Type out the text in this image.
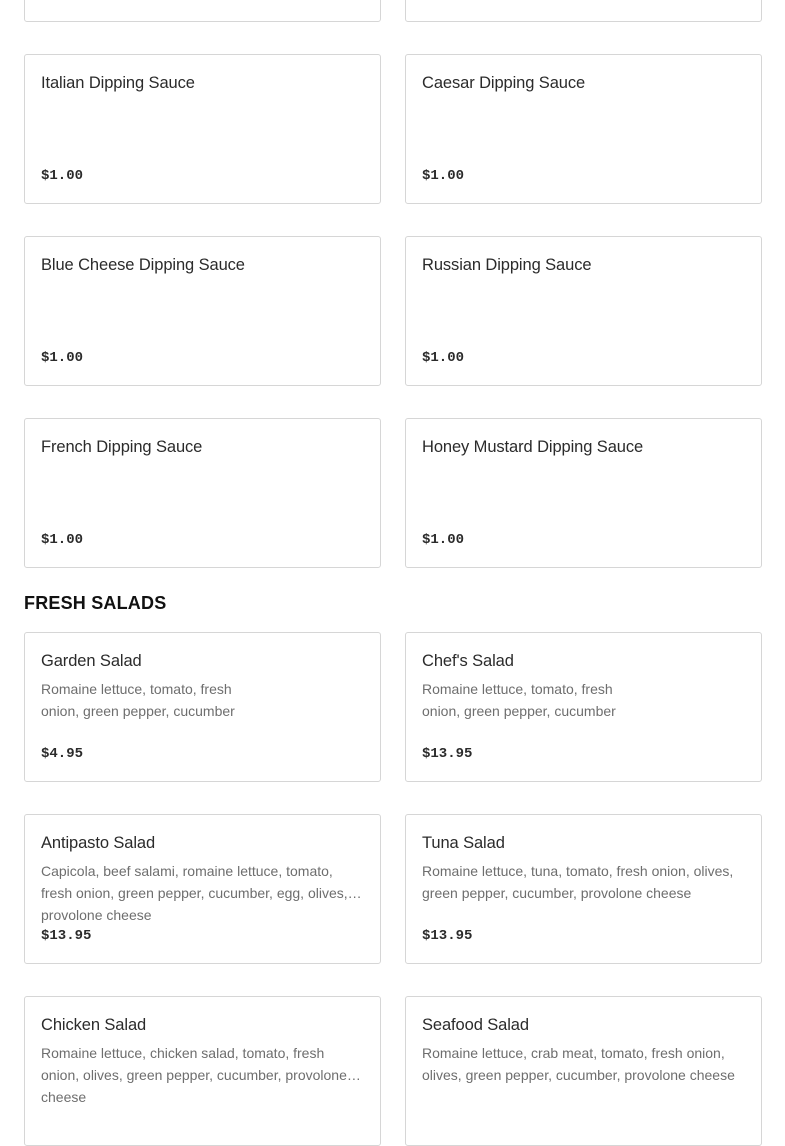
Italian Dipping Sauce
$1.00
Caesar Dipping Sauce
$1.00
Blue Cheese Dipping Sauce
$1.00
Russian Dipping Sauce
$1.00
French Dipping Sauce
$1.00
Honey Mustard Dipping Sauce
$1.00
FRESH SALADS
Garden Salad
Romaine lettuce, tomato, fresh onion, green pepper, cucumber
$4.95
Chef's Salad
Romaine lettuce, tomato, fresh onion, green pepper, cucumber
$13.95
Antipasto Salad
Capicola, beef salami, romaine lettuce, tomato, fresh onion, green pepper, cucumber, egg, olives, provolone cheese
$13.95
Tuna Salad
Romaine lettuce, tuna, tomato, fresh onion, olives, green pepper, cucumber, provolone cheese
$13.95
Chicken Salad
Romaine lettuce, chicken salad, tomato, fresh onion, olives, green pepper, cucumber, provolone cheese
Seafood Salad
Romaine lettuce, crab meat, tomato, fresh onion, olives, green pepper, cucumber, provolone cheese
